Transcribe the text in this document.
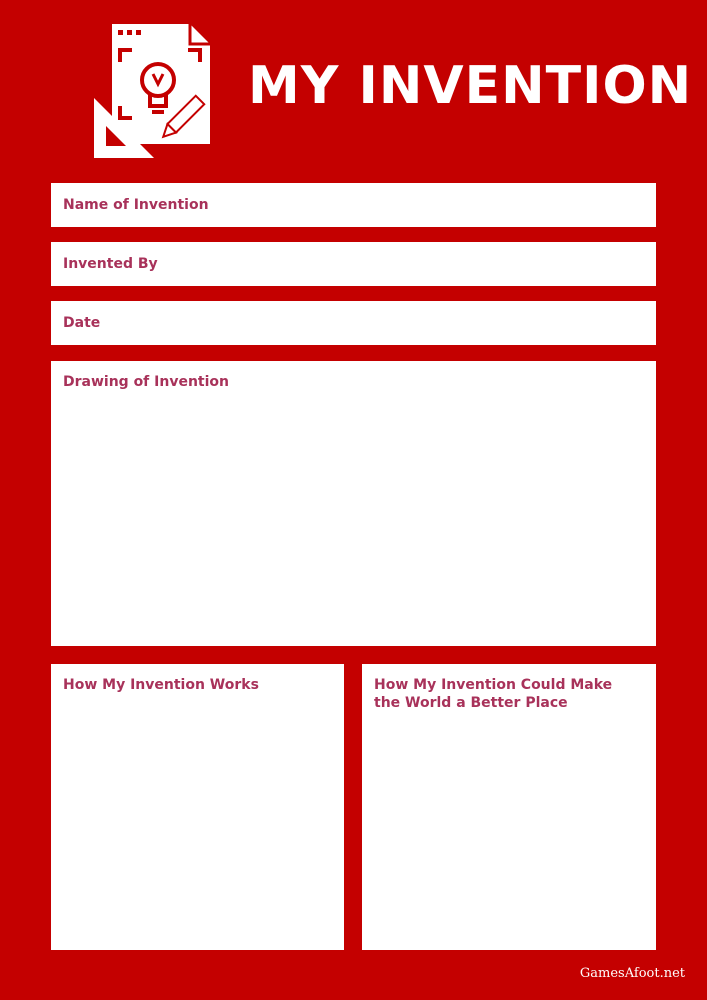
MY INVENTION
Name of Invention
Invented By
Date
Drawing of Invention
How My Invention Works	How My Invention Could Make the World a Better Place
GamesAfoot.net
